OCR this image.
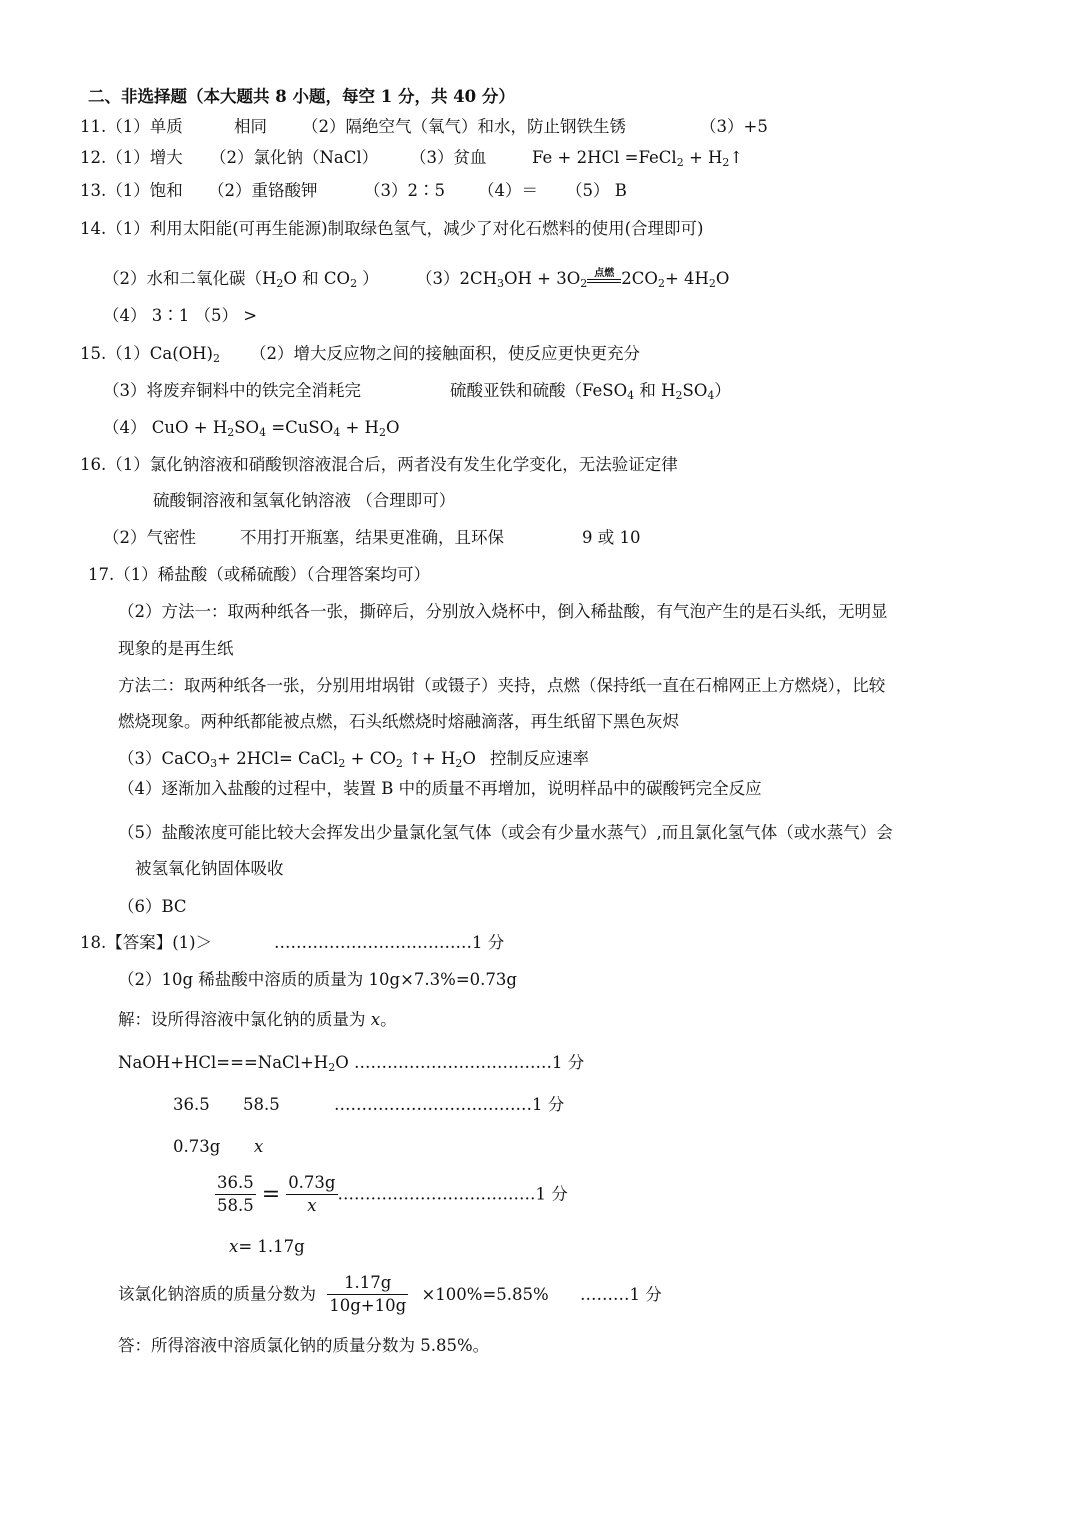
二、非选择题（本大题共 8 小题，每空 1 分，共 40 分）
11.（1）单质	相同 （2）隔绝空气（氧气）和水，防止钢铁生锈	（3）+5
12.（1）增大 （2）氯化钠（NaCl） （3）贫血	Fe + 2HCl =FeCl$_2$ + $H_2↑$
13.（1）饱和 （2）重铬酸钾	（3）2∶5 （4）＝ （5） B
14.（1）利用太阳能(可再生能源)制取绿色氢气，减少了对化石燃料的使用(合理即可)
（2）水和二氧化碳（$H_2O$ 和 $CO_2$ ） $(3)2CH_3OH + 3O_2$
点燃 $2CO_2+ 4H_2O$
（4） 3∶1 （5） >
$15.(1)Ca(OH)_2$ （2）增大反应物之间的接触面积，使反应更快更充分
（3）将废弃铜料中的铁完全消耗完	硫酸亚铁和硫酸（FeSO$_4$ 和 $H_2SO_4$）
（4） CuO + $H_2SO_4$ =CuSO$_4$ + $H_2O$
16.（1）氯化钠溶液和硝酸钡溶液混合后，两者没有发生化学变化，无法验证定律
硫酸铜溶液和氢氧化钠溶液 （合理即可）
（2）气密性	不用打开瓶塞，结果更准确，且环保	9 或 10
17.（1）稀盐酸（或稀硫酸）（合理答案均可）
（2）方法一：取两种纸各一张，撕碎后，分别放入烧杯中，倒入稀盐酸，有气泡产生的是石头纸，无明显
现象的是再生纸
方法二：取两种纸各一张，分别用坩埚钳（或镊子）夹持，点燃（保持纸一直在石棉网正上方燃烧），比较
燃烧现象。两种纸都能被点燃，石头纸燃烧时熔融滴落，再生纸留下黑色灰烬
（3）CaCO$_3$+ 2HCl= CaCl$_2$ + $CO_2$ ↑+ $H_2O$ 控制反应速率
（4）逐渐加入盐酸的过程中，装置 B 中的质量不再增加，说明样品中的碳酸钙完全反应
（5）盐酸浓度可能比较大会挥发出少量氯化氢气体（或会有少量水蒸气）,而且氯化氢气体（或水蒸气）会
被氢氧化钠固体吸收
（6）BC
18.【答案】(1)＞	………………………………1 分
（2）10g 稀盐酸中溶质的质量为 10g×7.3%=0.73g
解：设所得溶液中氯化钠的质量为 x。
$NaOH+HCl===NaCl+H_2O$ ………………………………1 分
36.5 58.5	………………………………1 分
0.73g x
$\frac{36.5}{58.5} = \frac{0.73g}{x}$ ………………………………1 分
x= 1.17g
该氯化钠溶质的质量分数为 $\frac{1.17g}{10g+10g} \times 100\%=5.85\%$ ………1 分
答：所得溶液中溶质氯化钠的质量分数为 5.85%。
